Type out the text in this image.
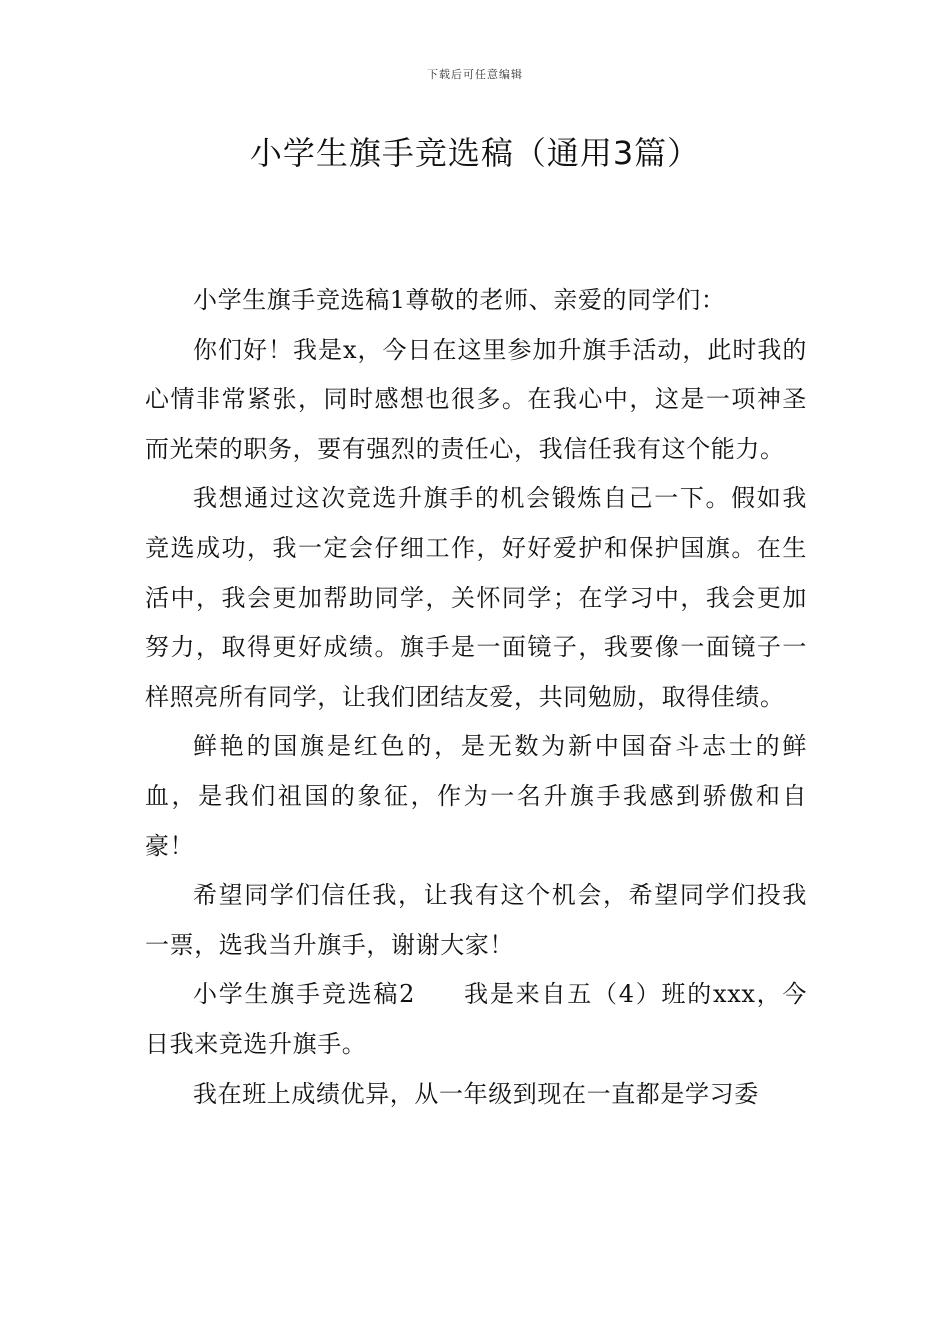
下载后可任意编辑
小学生旗手竞选稿（通用3篇）

小学生旗手竞选稿1尊敬的老师、亲爱的同学们：

你们好！我是x，今日在这里参加升旗手活动，此时我的心情非常紧张，同时感想也很多。在我心中，这是一项神圣而光荣的职务，要有强烈的责任心，我信任我有这个能力。

我想通过这次竞选升旗手的机会锻炼自己一下。假如我竞选成功，我一定会仔细工作，好好爱护和保护国旗。在生活中，我会更加帮助同学，关怀同学；在学习中，我会更加努力，取得更好成绩。旗手是一面镜子，我要像一面镜子一样照亮所有同学，让我们团结友爱，共同勉励，取得佳绩。

鲜艳的国旗是红色的，是无数为新中国奋斗志士的鲜血，是我们祖国的象征，作为一名升旗手我感到骄傲和自豪！

希望同学们信任我，让我有这个机会，希望同学们投我一票，选我当升旗手，谢谢大家！

小学生旗手竞选稿2 我是来自五（4）班的xxx，今日我来竞选升旗手。

我在班上成绩优异，从一年级到现在一直都是学习委
